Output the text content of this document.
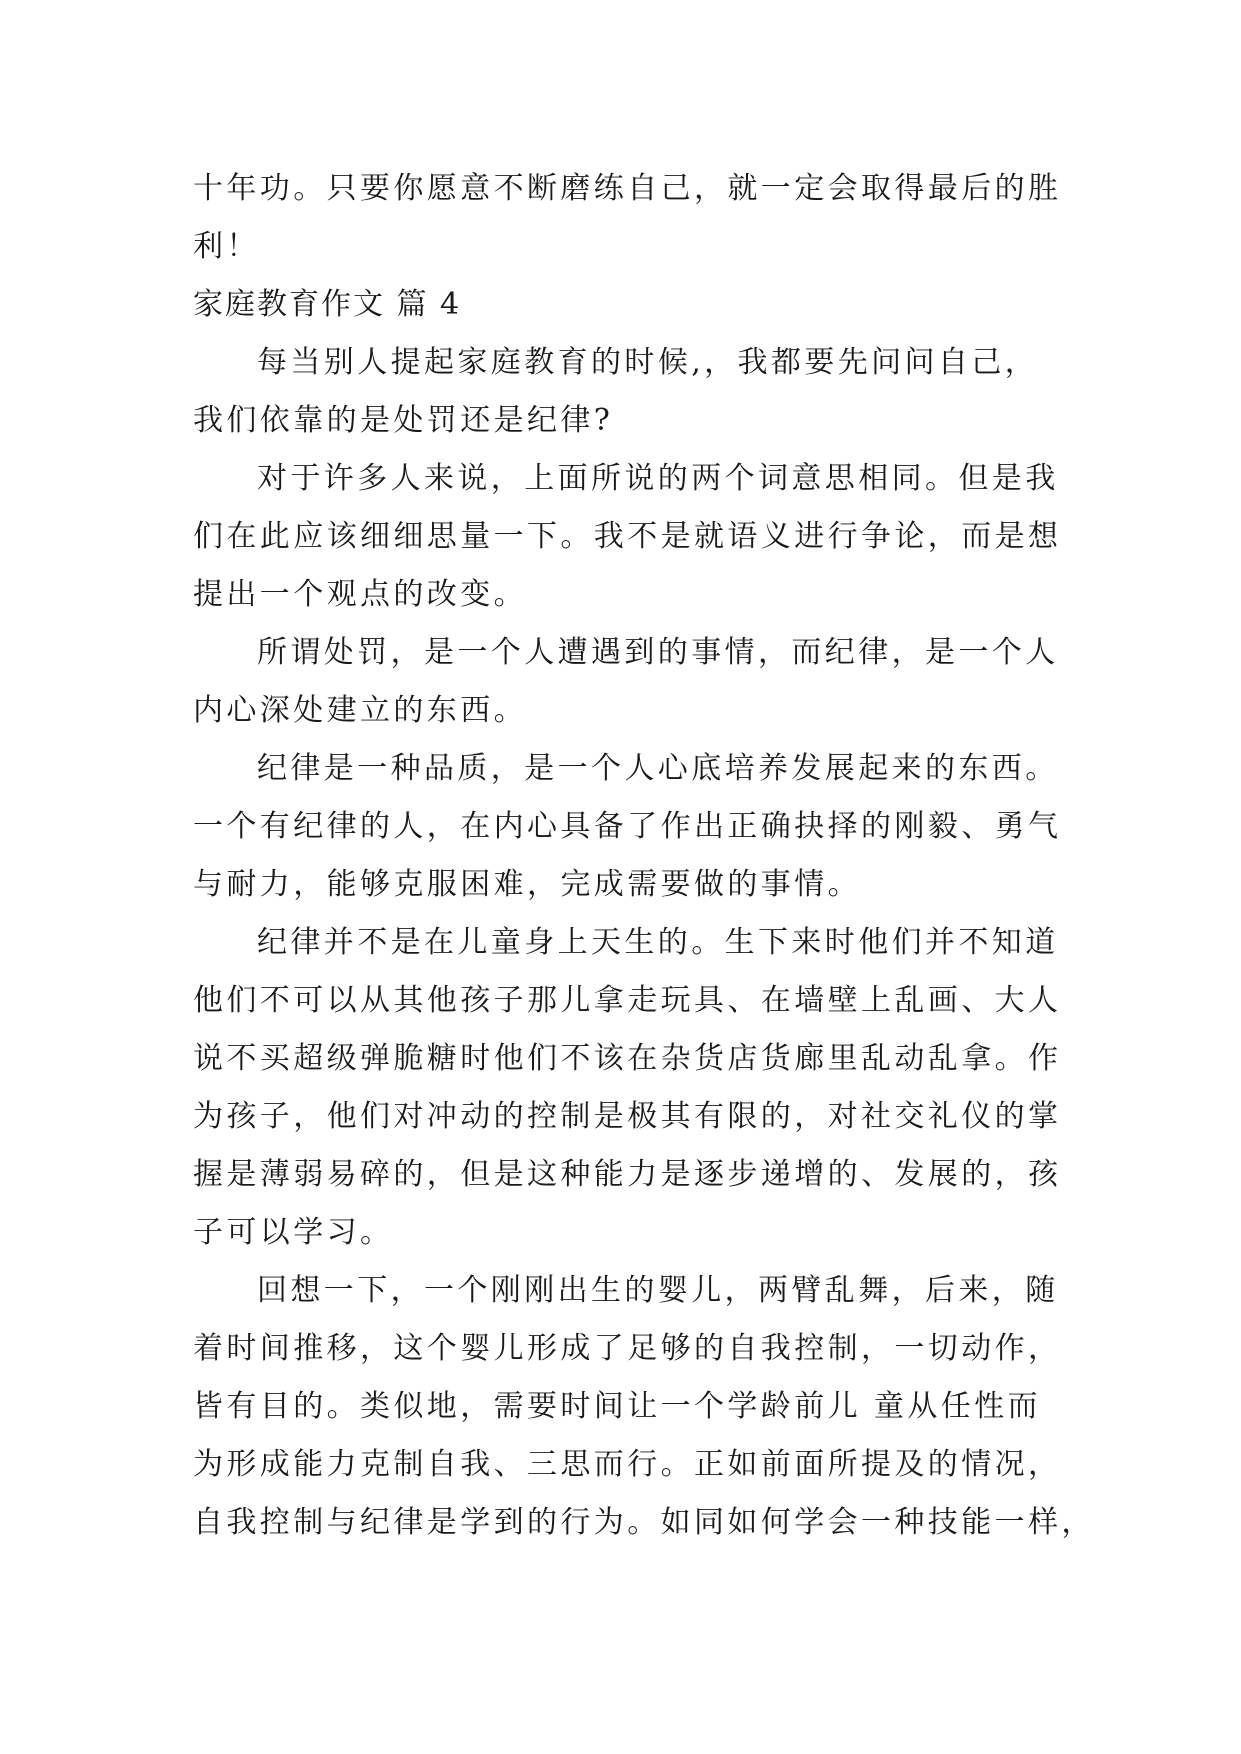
十年功。只要你愿意不断磨练自己，就一定会取得最后的胜
利！
家庭教育作文 篇 4
每当别人提起家庭教育的时候,，我都要先问问自己，
我们依靠的是处罚还是纪律?
对于许多人来说，上面所说的两个词意思相同。但是我
们在此应该细细思量一下。我不是就语义进行争论，而是想
提出一个观点的改变。
所谓处罚，是一个人遭遇到的事情，而纪律，是一个人
内心深处建立的东西。
纪律是一种品质，是一个人心底培养发展起来的东西。
一个有纪律的人，在内心具备了作出正确抉择的刚毅、勇气
与耐力，能够克服困难，完成需要做的事情。
纪律并不是在儿童身上天生的。生下来时他们并不知道
他们不可以从其他孩子那儿拿走玩具、在墙壁上乱画、大人
说不买超级弹脆糖时他们不该在杂货店货廊里乱动乱拿。作
为孩子，他们对冲动的控制是极其有限的，对社交礼仪的掌
握是薄弱易碎的，但是这种能力是逐步递增的、发展的，孩
子可以学习。
回想一下，一个刚刚出生的婴儿，两臂乱舞，后来，随
着时间推移，这个婴儿形成了足够的自我控制，一切动作，
皆有目的。类似地，需要时间让一个学龄前儿 童从任性而
为形成能力克制自我、三思而行。正如前面所提及的情况，
自我控制与纪律是学到的行为。如同如何学会一种技能一样，
